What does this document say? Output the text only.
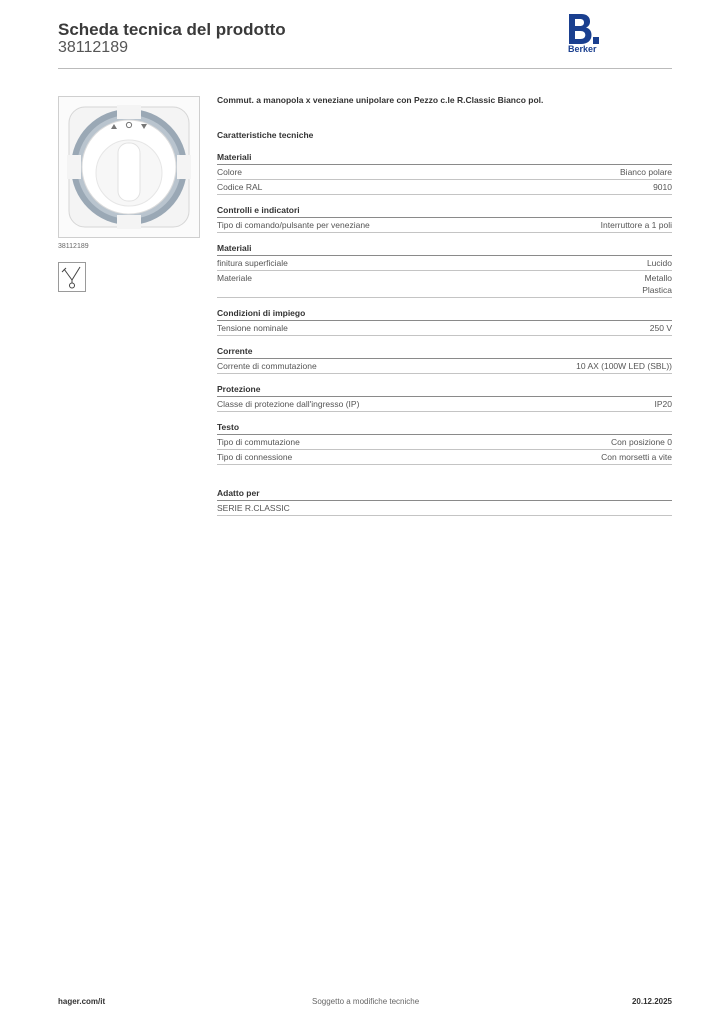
Scheda tecnica del prodotto
38112189	Berker
38112189
Commut. a manopola x veneziane unipolare con Pezzo c.le R.Classic Bianco pol.
Caratteristiche tecniche
Materiali
Colore	Bianco polare
Codice RAL	9010
Controlli e indicatori
Tipo di comando/pulsante per veneziane	Interruttore a 1 poli
Materiali
finitura superficiale	Lucido
Materiale	Metallo
Plastica
Condizioni di impiego
Tensione nominale	250 V
Corrente
Corrente di commutazione	10 AX (100W LED (SBL))
Protezione
Classe di protezione dall'ingresso (IP)	IP20
Testo
Tipo di commutazione	Con posizione 0
Tipo di connessione	Con morsetti a vite
Adatto per
SERIE R.CLASSIC
hager.com/it	Soggetto a modifiche tecniche	20.12.2025
